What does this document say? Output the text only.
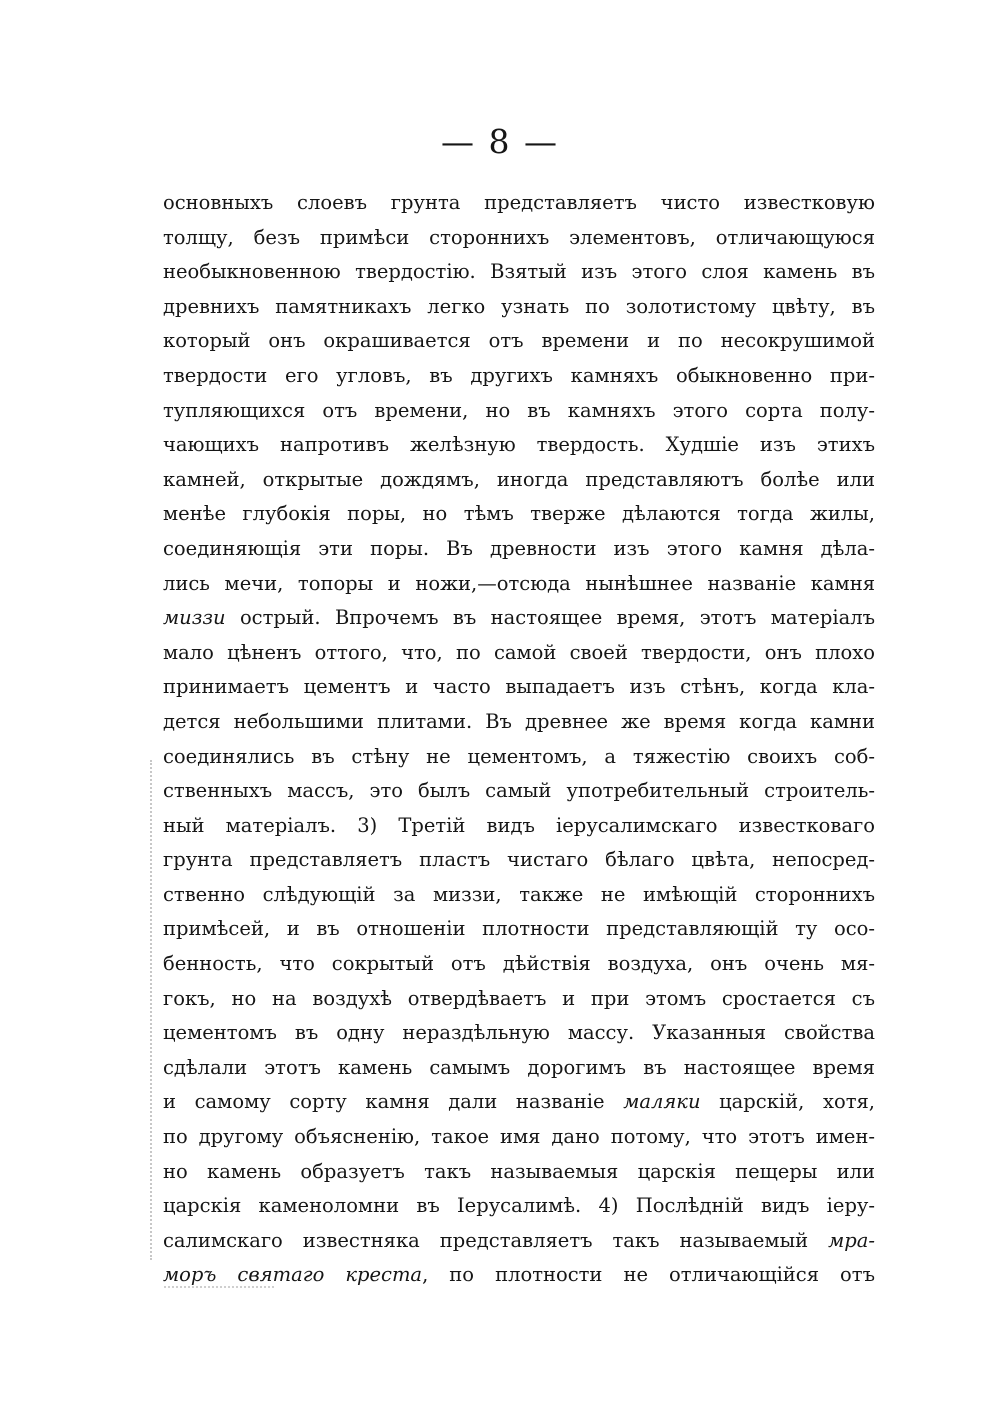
— 8 —
основныхъ слоевъ грунта представляетъ чисто известковую
толщу, безъ примѣси стороннихъ элементовъ, отличающуюся
необыкновенною твердостію. Взятый изъ этого слоя камень въ
древнихъ памятникахъ легко узнать по золотистому цвѣту, въ
который онъ окрашивается отъ времени и по несокрушимой
твердости его угловъ, въ другихъ камняхъ обыкновенно при-
тупляющихся отъ времени, но въ камняхъ этого сорта полу-
чающихъ напротивъ желѣзную твердость. Худшіе изъ этихъ
камней, открытые дождямъ, иногда представляютъ болѣе или
менѣе глубокія поры, но тѣмъ тверже дѣлаются тогда жилы,
соединяющія эти поры. Въ древности изъ этого камня дѣла-
лись мечи, топоры и ножи,—отсюда нынѣшнее названіе камня
миззи острый. Впрочемъ въ настоящее время, этотъ матеріалъ
мало цѣненъ оттого, что, по самой своей твердости, онъ плохо
принимаетъ цементъ и часто выпадаетъ изъ стѣнъ, когда кла-
дется небольшими плитами. Въ древнее же время когда камни
соединялись въ стѣну не цементомъ, а тяжестію своихъ соб-
ственныхъ массъ, это былъ самый употребительный строитель-
ный матеріалъ. 3) Третій видъ іерусалимскаго известковаго
грунта представляетъ пластъ чистаго бѣлаго цвѣта, непосред-
ственно слѣдующій за миззи, также не имѣющій стороннихъ
примѣсей, и въ отношеніи плотности представляющій ту осо-
бенность, что сокрытый отъ дѣйствія воздуха, онъ очень мя-
гокъ, но на воздухѣ отвердѣваетъ и при этомъ сростается съ
цементомъ въ одну нераздѣльную массу. Указанныя свойства
сдѣлали этотъ камень самымъ дорогимъ въ настоящее время
и самому сорту камня дали названіе маляки царскій, хотя,
по другому объясненію, такое имя дано потому, что этотъ имен-
но камень образуетъ такъ называемыя царскія пещеры или
царскія каменоломни въ Іерусалимѣ. 4) Послѣдній видъ іеру-
салимскаго известняка представляетъ такъ называемый мра-
моръ святаго креста, по плотности не отличающійся отъ
